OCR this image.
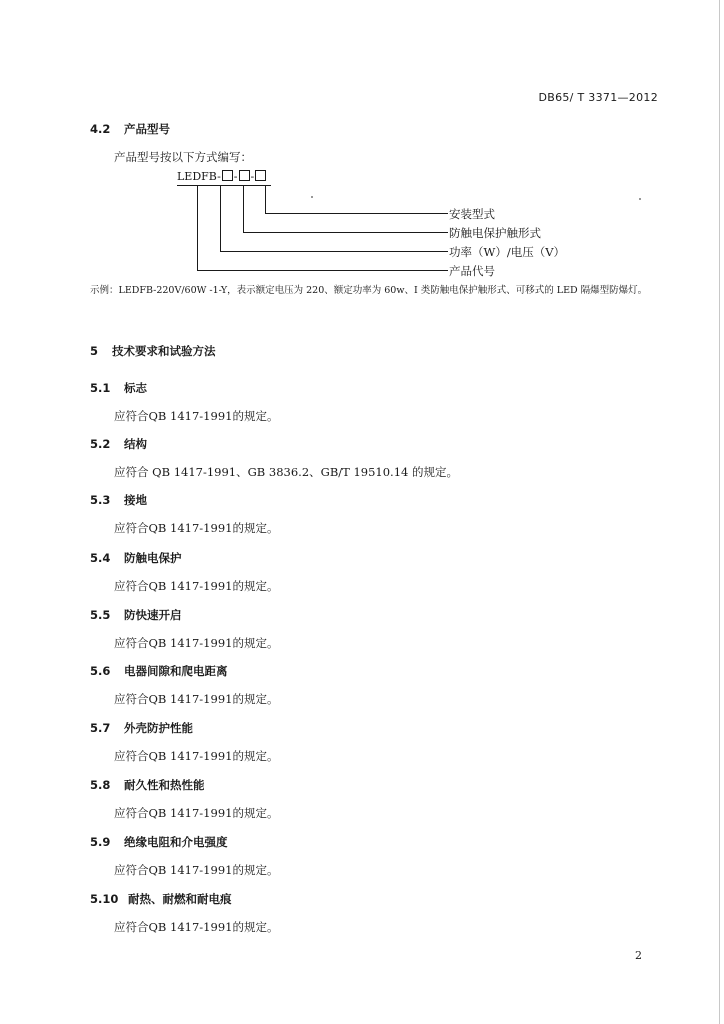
DB65/ T 3371—2012
4.2 产品型号
产品型号按以下方式编写：
LEDFB- - -
安装型式
防触电保护触形式
功率（W）/电压（V）
产品代号
示例：LEDFB-220V/60W -1-Y，表示额定电压为 220、额定功率为 60w、I 类防触电保护触形式、可移式的 LED 隔爆型防爆灯。
5 技术要求和试验方法
5.1 标志
应符合QB 1417-1991的规定。
5.2 结构
应符合 QB 1417-1991、GB 3836.2、GB/T 19510.14 的规定。
5.3 接地
应符合QB 1417-1991的规定。
5.4 防触电保护
应符合QB 1417-1991的规定。
5.5 防快速开启
应符合QB 1417-1991的规定。
5.6 电器间隙和爬电距离
应符合QB 1417-1991的规定。
5.7 外壳防护性能
应符合QB 1417-1991的规定。
5.8 耐久性和热性能
应符合QB 1417-1991的规定。
5.9 绝缘电阻和介电强度
应符合QB 1417-1991的规定。
5.10 耐热、耐燃和耐电痕
应符合QB 1417-1991的规定。
2
